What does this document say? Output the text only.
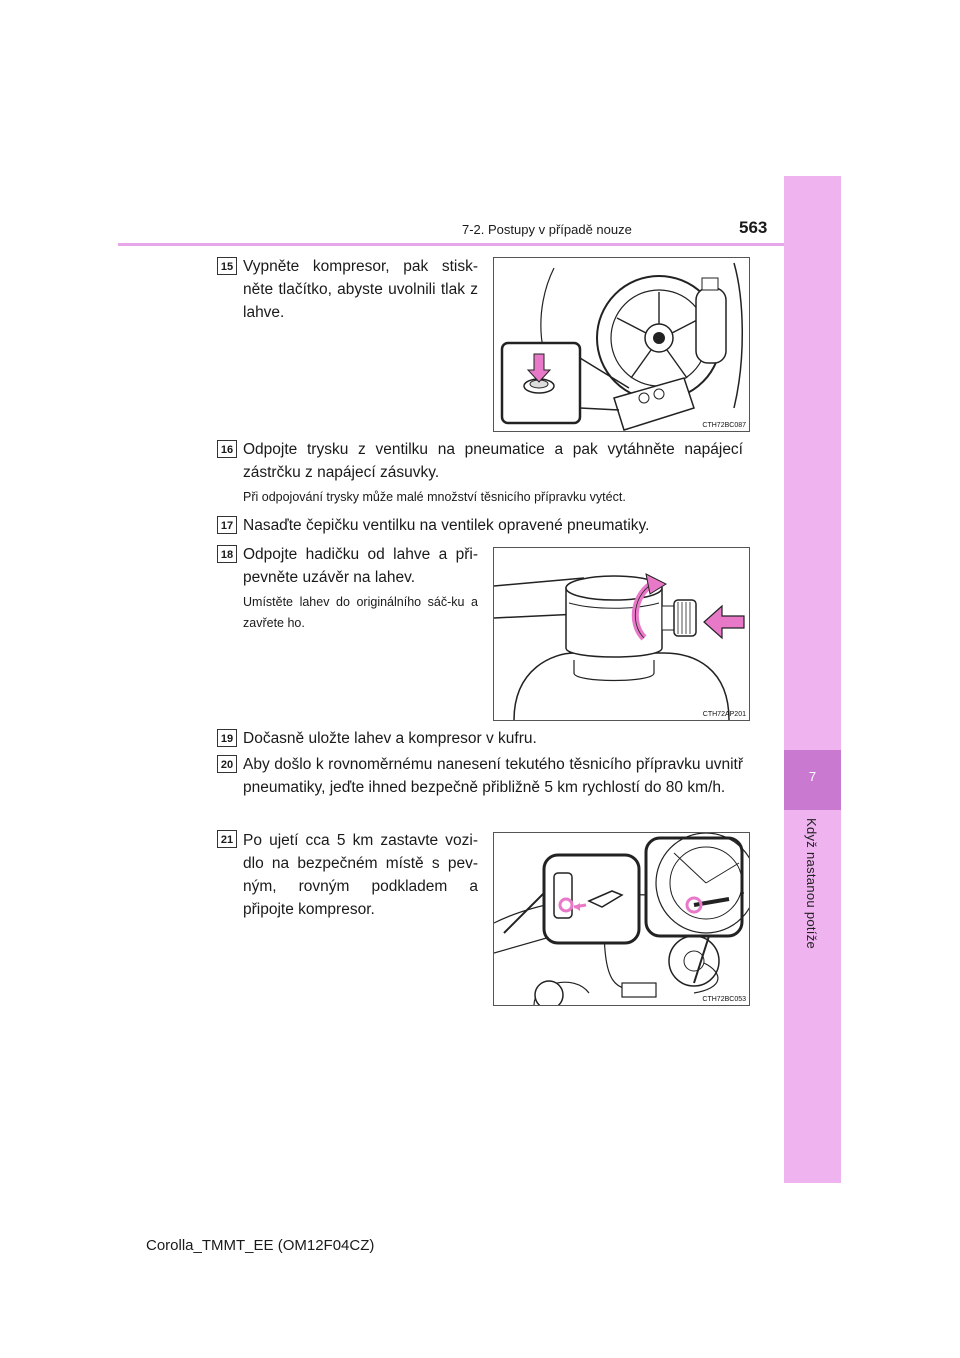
7
Když nastanou potíže
7-2. Postupy v případě nouze	563
15 Vypněte kompresor, pak stisk-něte tlačítko, abyste uvolnili tlak z lahve.
CTH72BC087
16 Odpojte trysku z ventilku na pneumatice a pak vytáhněte napájecí zástrčku z napájecí zásuvky.
Při odpojování trysky může malé množství těsnicího přípravku vytéct.
17 Nasaďte čepičku ventilku na ventilek opravené pneumatiky.
18 Odpojte hadičku od lahve a při-pevněte uzávěr na lahev.
Umístěte lahev do originálního sáč-ku a zavřete ho.
CTH72AP201
19 Dočasně uložte lahev a kompresor v kufru.
20 Aby došlo k rovnoměrnému nanesení tekutého těsnicího přípravku uvnitř pneumatiky, jeďte ihned bezpečně přibližně 5 km rychlostí do 80 km/h.
21 Po ujetí cca 5 km zastavte vozi-dlo na bezpečném místě s pev-ným, rovným podkladem a připojte kompresor.
CTH72BC053
Corolla_TMMT_EE (OM12F04CZ)
